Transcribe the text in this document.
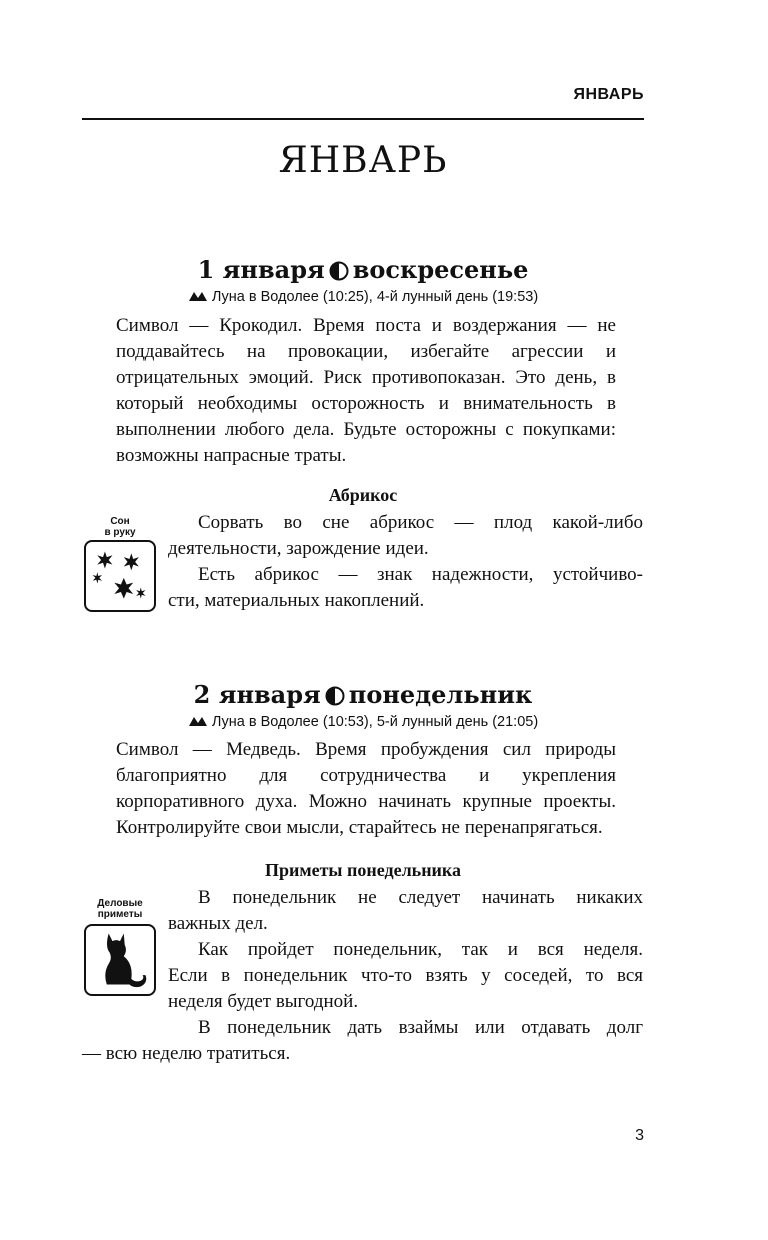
ЯНВАРЬ
ЯНВАРЬ
1 января воскресенье
Луна в Водолее (10:25), 4-й лунный день (19:53)

Символ — Крокодил. Время поста и воздержания — не поддавайтесь на провокации, избегайте агрессии и отрицательных эмоций. Риск противопоказан. Это день, в который необходимы осторожность и внимательность в выполнении любого дела. Будьте осторожны с покупками: возможны напрасные траты.

Абрикос
Сон
в руку	Сорвать во сне абрикос — плод какой-либо
деятельности, зарождение идеи.
Есть абрикос — знак надежности, устойчиво-
сти, материальных накоплений.
2 января понедельник
Луна в Водолее (10:53), 5-й лунный день (21:05)

Символ — Медведь. Время пробуждения сил природы благоприятно для сотрудничества и укрепления корпоративного духа. Можно начинать крупные проекты. Контролируйте свои мысли, старайтесь не перенапрягаться.

Приметы понедельника
Деловые
приметы
В понедельник не следует начинать никаких
важных дел.
Как пройдет понедельник, так и вся неделя.
Если в понедельник что-то взять у соседей, то вся
неделя будет выгодной.
В понедельник дать взаймы или отдавать долг
— всю неделю тратиться.
3
